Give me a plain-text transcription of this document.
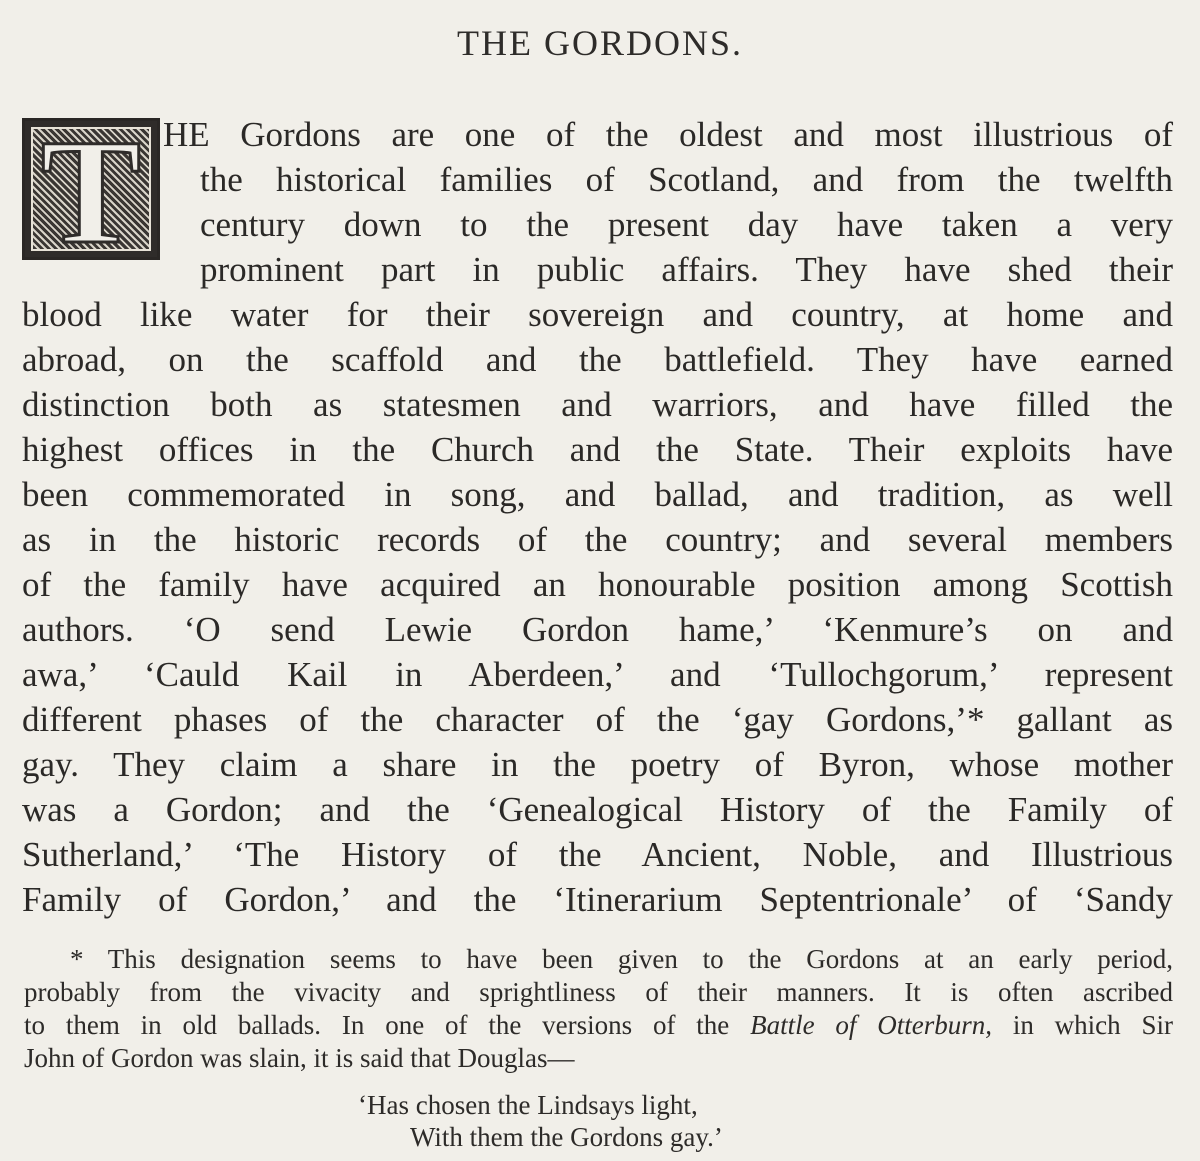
THE GORDONS.
T HE Gordons are one of the oldest and most illustrious of
the historical families of Scotland, and from the twelfth
century down to the present day have taken a very
prominent part in public affairs. They have shed their
blood like water for their sovereign and country, at home and
abroad, on the scaffold and the battlefield. They have earned
distinction both as statesmen and warriors, and have filled the
highest offices in the Church and the State. Their exploits have
been commemorated in song, and ballad, and tradition, as well
as in the historic records of the country; and several members
of the family have acquired an honourable position among Scottish
authors. ‘O send Lewie Gordon hame,’ ‘Kenmure’s on and
awa,’ ‘Cauld Kail in Aberdeen,’ and ‘Tullochgorum,’ represent
different phases of the character of the ‘gay Gordons,’* gallant as
gay. They claim a share in the poetry of Byron, whose mother
was a Gordon; and the ‘Genealogical History of the Family of
Sutherland,’ ‘The History of the Ancient, Noble, and Illustrious
Family of Gordon,’ and the ‘Itinerarium Septentrionale’ of ‘Sandy
* This designation seems to have been given to the Gordons at an early period,
probably from the vivacity and sprightliness of their manners. It is often ascribed
to them in old ballads. In one of the versions of the Battle of Otterburn, in which Sir
John of Gordon was slain, it is said that Douglas—
‘Has chosen the Lindsays light,
With them the Gordons gay.’
